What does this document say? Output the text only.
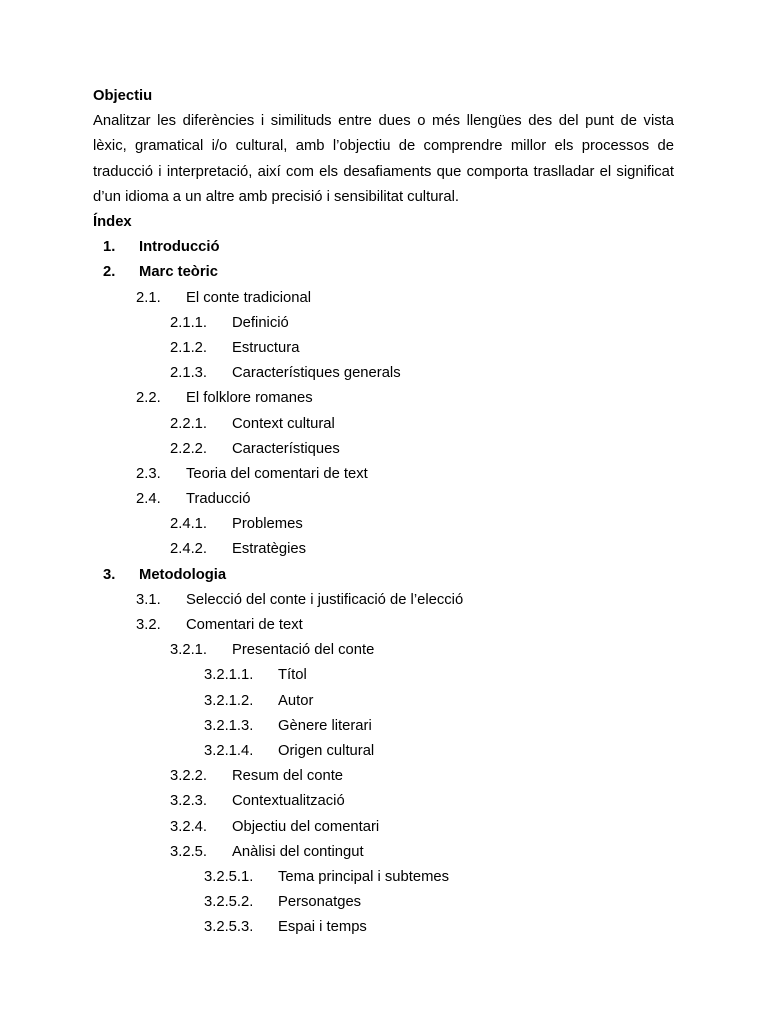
Objectiu

Analitzar les diferències i similituds entre dues o més llengües des del punt de vista lèxic, gramatical i/o cultural, amb l’objectiu de comprendre millor els processos de traducció i interpretació, així com els desafiaments que comporta traslladar el significat d’un idioma a un altre amb precisió i sensibilitat cultural.

Índex
1. Introducció
2. Marc teòric
2.1. El conte tradicional
2.1.1. Definició
2.1.2. Estructura
2.1.3. Característiques generals
2.2. El folklore romanes
2.2.1. Context cultural
2.2.2. Característiques
2.3. Teoria del comentari de text
2.4. Traducció
2.4.1. Problemes
2.4.2. Estratègies
3. Metodologia
3.1. Selecció del conte i justificació de l’elecció
3.2. Comentari de text
3.2.1. Presentació del conte
3.2.1.1. Títol
3.2.1.2. Autor
3.2.1.3. Gènere literari
3.2.1.4. Origen cultural
3.2.2. Resum del conte
3.2.3. Contextualització
3.2.4. Objectiu del comentari
3.2.5. Anàlisi del contingut
3.2.5.1. Tema principal i subtemes
3.2.5.2. Personatges
3.2.5.3. Espai i temps
